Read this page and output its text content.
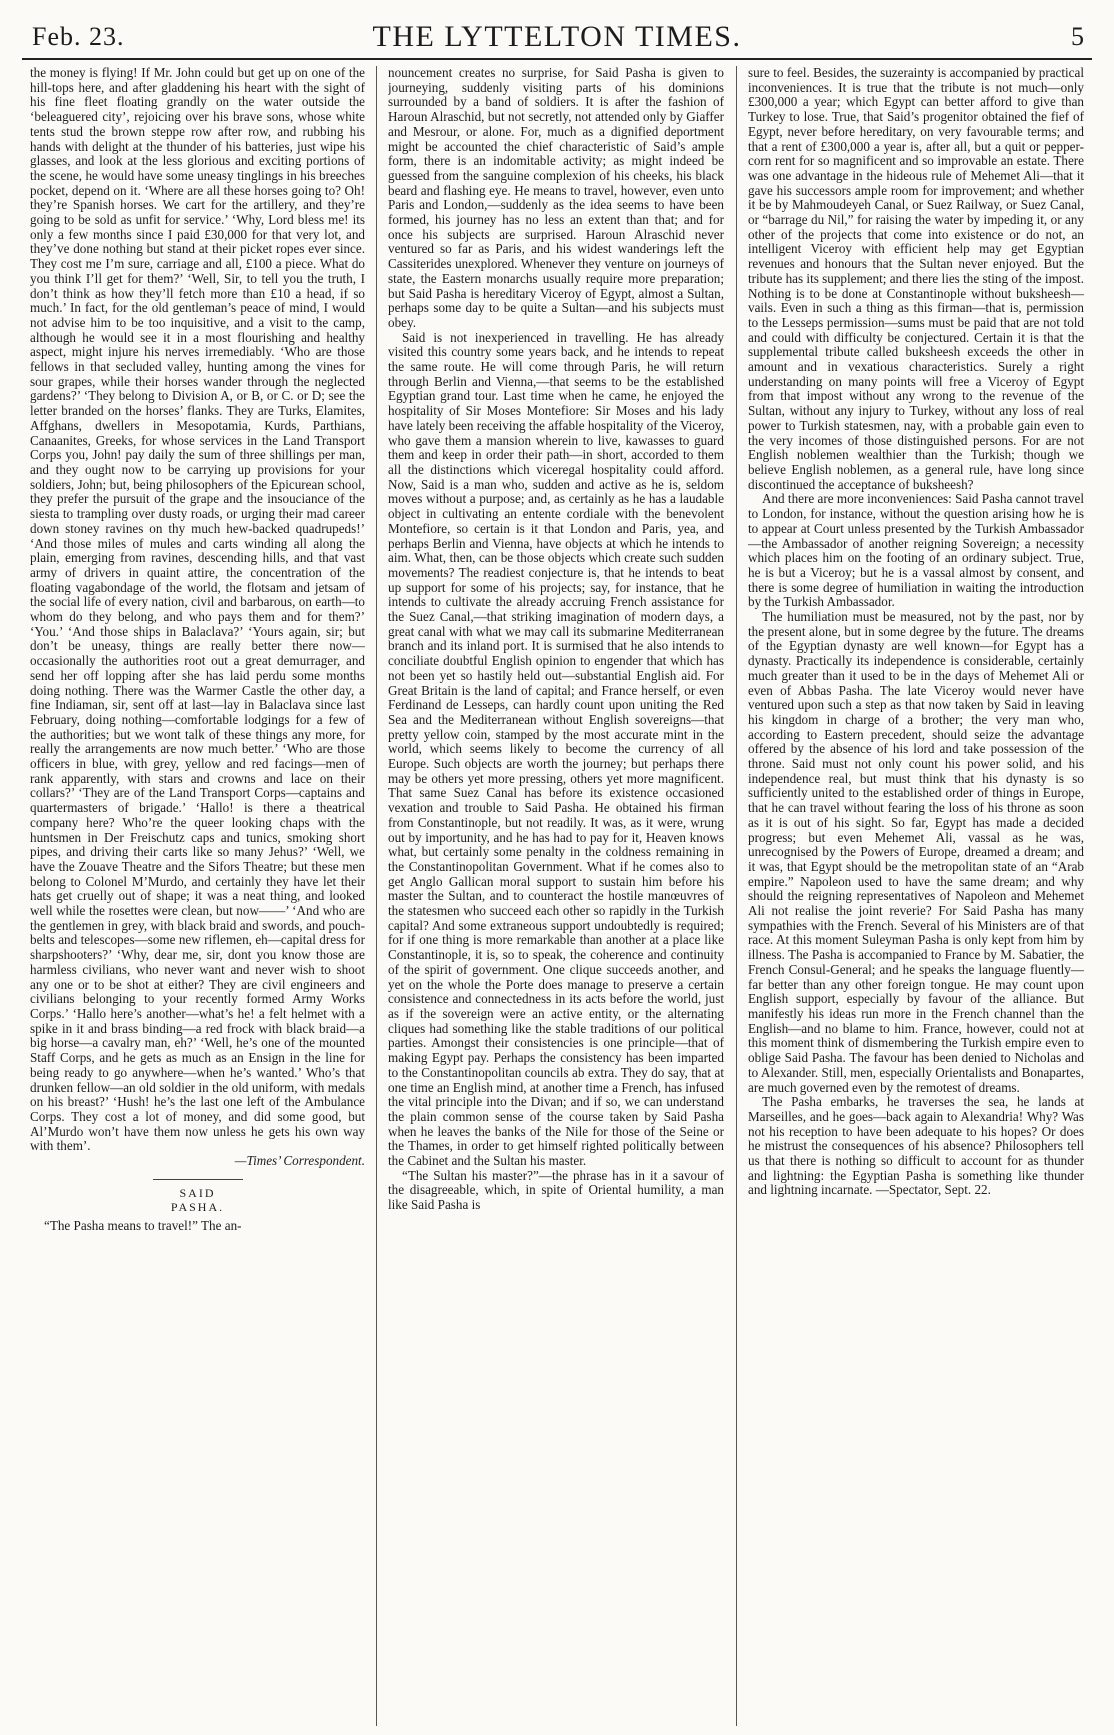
Feb. 23.	THE LYTTELTON TIMES.	5

the money is flying! If Mr. John could but get up on one of the hill-tops here, and after gladdening his heart with the sight of his fine fleet floating grandly on the water outside the ‘beleaguered city’, rejoicing over his brave sons, whose white tents stud the brown steppe row after row, and rubbing his hands with delight at the thunder of his batteries, just wipe his glasses, and look at the less glorious and exciting portions of the scene, he would have some uneasy tinglings in his breeches pocket, depend on it. ‘Where are all these horses going to? Oh! they’re Spanish horses. We cart for the artillery, and they’re going to be sold as unfit for service.’ ‘Why, Lord bless me! its only a few months since I paid £30,000 for that very lot, and they’ve done nothing but stand at their picket ropes ever since. They cost me I’m sure, carriage and all, £100 a piece. What do you think I’ll get for them?’ ‘Well, Sir, to tell you the truth, I don’t think as how they’ll fetch more than £10 a head, if so much.’ In fact, for the old gentleman’s peace of mind, I would not advise him to be too inquisitive, and a visit to the camp, although he would see it in a most flourishing and healthy aspect, might injure his nerves irremediably. ‘Who are those fellows in that secluded valley, hunting among the vines for sour grapes, while their horses wander through the neglected gardens?’ ‘They belong to Division A, or B, or C. or D; see the letter branded on the horses’ flanks. They are Turks, Elamites, Affghans, dwellers in Mesopotamia, Kurds, Parthians, Canaanites, Greeks, for whose services in the Land Transport Corps you, John! pay daily the sum of three shillings per man, and they ought now to be carrying up provisions for your soldiers, John; but, being philosophers of the Epicurean school, they prefer the pursuit of the grape and the insouciance of the siesta to trampling over dusty roads, or urging their mad career down stoney ravines on thy much hew-backed quadrupeds!’ ‘And those miles of mules and carts winding all along the plain, emerging from ravines, descending hills, and that vast army of drivers in quaint attire, the concentration of the floating vagabondage of the world, the flotsam and jetsam of the social life of every nation, civil and barbarous, on earth—to whom do they belong, and who pays them and for them?’ ‘You.’ ‘And those ships in Balaclava?’ ‘Yours again, sir; but don’t be uneasy, things are really better there now—occasionally the authorities root out a great demurrager, and send her off lopping after she has laid perdu some months doing nothing. There was the Warmer Castle the other day, a fine Indiaman, sir, sent off at last—lay in Balaclava since last February, doing nothing—comfortable lodgings for a few of the authorities; but we wont talk of these things any more, for really the arrangements are now much better.’ ‘Who are those officers in blue, with grey, yellow and red facings—men of rank apparently, with stars and crowns and lace on their collars?’ ‘They are of the Land Transport Corps—captains and quartermasters of brigade.’ ‘Hallo! is there a theatrical company here? Who’re the queer looking chaps with the huntsmen in Der Freischutz caps and tunics, smoking short pipes, and driving their carts like so many Jehus?’ ‘Well, we have the Zouave Theatre and the Sifors Theatre; but these men belong to Colonel M’Murdo, and certainly they have let their hats get cruelly out of shape; it was a neat thing, and looked well while the rosettes were clean, but now——’ ‘And who are the gentlemen in grey, with black braid and swords, and pouch-belts and telescopes—some new riflemen, eh—capital dress for sharpshooters?’ ‘Why, dear me, sir, dont you know those are harmless civilians, who never want and never wish to shoot any one or to be shot at either? They are civil engineers and civilians belonging to your recently formed Army Works Corps.’ ‘Hallo here’s another—what’s he! a felt helmet with a spike in it and brass binding—a red frock with black braid—a big horse—a cavalry man, eh?’ ‘Well, he’s one of the mounted Staff Corps, and he gets as much as an Ensign in the line for being ready to go anywhere—when he’s wanted.’ Who’s that drunken fellow—an old soldier in the old uniform, with medals on his breast?’ ‘Hush! he’s the last one left of the Ambulance Corps. They cost a lot of money, and did some good, but Al’Murdo won’t have them now unless he gets his own way with them’.

—Times’ Correspondent.

SAID PASHA.

“The Pasha means to travel!” The an-

nouncement creates no surprise, for Said Pasha is given to journeying, suddenly visiting parts of his dominions surrounded by a band of soldiers. It is after the fashion of Haroun Alraschid, but not secretly, not attended only by Giaffer and Mesrour, or alone. For, much as a dignified deportment might be accounted the chief characteristic of Said’s ample form, there is an indomitable activity; as might indeed be guessed from the sanguine complexion of his cheeks, his black beard and flashing eye. He means to travel, however, even unto Paris and London,—suddenly as the idea seems to have been formed, his journey has no less an extent than that; and for once his subjects are surprised. Haroun Alraschid never ventured so far as Paris, and his widest wanderings left the Cassiterides unexplored. Whenever they venture on journeys of state, the Eastern monarchs usually require more preparation; but Said Pasha is hereditary Viceroy of Egypt, almost a Sultan, perhaps some day to be quite a Sultan—and his subjects must obey.

Said is not inexperienced in travelling. He has already visited this country some years back, and he intends to repeat the same route. He will come through Paris, he will return through Berlin and Vienna,—that seems to be the established Egyptian grand tour. Last time when he came, he enjoyed the hospitality of Sir Moses Montefiore: Sir Moses and his lady have lately been receiving the affable hospitality of the Viceroy, who gave them a mansion wherein to live, kawasses to guard them and keep in order their path—in short, accorded to them all the distinctions which viceregal hospitality could afford. Now, Said is a man who, sudden and active as he is, seldom moves without a purpose; and, as certainly as he has a laudable object in cultivating an entente cordiale with the benevolent Montefiore, so certain is it that London and Paris, yea, and perhaps Berlin and Vienna, have objects at which he intends to aim. What, then, can be those objects which create such sudden movements? The readiest conjecture is, that he intends to beat up support for some of his projects; say, for instance, that he intends to cultivate the already accruing French assistance for the Suez Canal,—that striking imagination of modern days, a great canal with what we may call its submarine Mediterranean branch and its inland port. It is surmised that he also intends to conciliate doubtful English opinion to engender that which has not been yet so hastily held out—substantial English aid. For Great Britain is the land of capital; and France herself, or even Ferdinand de Lesseps, can hardly count upon uniting the Red Sea and the Mediterranean without English sovereigns—that pretty yellow coin, stamped by the most accurate mint in the world, which seems likely to become the currency of all Europe. Such objects are worth the journey; but perhaps there may be others yet more pressing, others yet more magnificent. That same Suez Canal has before its existence occasioned vexation and trouble to Said Pasha. He obtained his firman from Constantinople, but not readily. It was, as it were, wrung out by importunity, and he has had to pay for it, Heaven knows what, but certainly some penalty in the coldness remaining in the Constantinopolitan Government. What if he comes also to get Anglo Gallican moral support to sustain him before his master the Sultan, and to counteract the hostile manœuvres of the statesmen who succeed each other so rapidly in the Turkish capital? And some extraneous support undoubtedly is required; for if one thing is more remarkable than another at a place like Constantinople, it is, so to speak, the coherence and continuity of the spirit of government. One clique succeeds another, and yet on the whole the Porte does manage to preserve a certain consistence and connectedness in its acts before the world, just as if the sovereign were an active entity, or the alternating cliques had something like the stable traditions of our political parties. Amongst their consistencies is one principle—that of making Egypt pay. Perhaps the consistency has been imparted to the Constantinopolitan councils ab extra. They do say, that at one time an English mind, at another time a French, has infused the vital principle into the Divan; and if so, we can understand the plain common sense of the course taken by Said Pasha when he leaves the banks of the Nile for those of the Seine or the Thames, in order to get himself righted politically between the Cabinet and the Sultan his master.

“The Sultan his master?”—the phrase has in it a savour of the disagreeable, which, in spite of Oriental humility, a man like Said Pasha is

sure to feel. Besides, the suzerainty is accompanied by practical inconveniences. It is true that the tribute is not much—only £300,000 a year; which Egypt can better afford to give than Turkey to lose. True, that Said’s progenitor obtained the fief of Egypt, never before hereditary, on very favourable terms; and that a rent of £300,000 a year is, after all, but a quit or pepper-corn rent for so magnificent and so improvable an estate. There was one advantage in the hideous rule of Mehemet Ali—that it gave his successors ample room for improvement; and whether it be by Mahmoudeyeh Canal, or Suez Railway, or Suez Canal, or “barrage du Nil,” for raising the water by impeding it, or any other of the projects that come into existence or do not, an intelligent Viceroy with efficient help may get Egyptian revenues and honours that the Sultan never enjoyed. But the tribute has its supplement; and there lies the sting of the impost. Nothing is to be done at Constantinople without buksheesh—vails. Even in such a thing as this firman—that is, permission to the Lesseps permission—sums must be paid that are not told and could with difficulty be conjectured. Certain it is that the supplemental tribute called buksheesh exceeds the other in amount and in vexatious characteristics. Surely a right understanding on many points will free a Viceroy of Egypt from that impost without any wrong to the revenue of the Sultan, without any injury to Turkey, without any loss of real power to Turkish statesmen, nay, with a probable gain even to the very incomes of those distinguished persons. For are not English noblemen wealthier than the Turkish; though we believe English noblemen, as a general rule, have long since discontinued the acceptance of buksheesh?

And there are more inconveniences: Said Pasha cannot travel to London, for instance, without the question arising how he is to appear at Court unless presented by the Turkish Ambassador—the Ambassador of another reigning Sovereign; a necessity which places him on the footing of an ordinary subject. True, he is but a Viceroy; but he is a vassal almost by consent, and there is some degree of humiliation in waiting the introduction by the Turkish Ambassador.

The humiliation must be measured, not by the past, nor by the present alone, but in some degree by the future. The dreams of the Egyptian dynasty are well known—for Egypt has a dynasty. Practically its independence is considerable, certainly much greater than it used to be in the days of Mehemet Ali or even of Abbas Pasha. The late Viceroy would never have ventured upon such a step as that now taken by Said in leaving his kingdom in charge of a brother; the very man who, according to Eastern precedent, should seize the advantage offered by the absence of his lord and take possession of the throne. Said must not only count his power solid, and his independence real, but must think that his dynasty is so sufficiently united to the established order of things in Europe, that he can travel without fearing the loss of his throne as soon as it is out of his sight. So far, Egypt has made a decided progress; but even Mehemet Ali, vassal as he was, unrecognised by the Powers of Europe, dreamed a dream; and it was, that Egypt should be the metropolitan state of an “Arab empire.” Napoleon used to have the same dream; and why should the reigning representatives of Napoleon and Mehemet Ali not realise the joint reverie? For Said Pasha has many sympathies with the French. Several of his Ministers are of that race. At this moment Suleyman Pasha is only kept from him by illness. The Pasha is accompanied to France by M. Sabatier, the French Consul-General; and he speaks the language fluently—far better than any other foreign tongue. He may count upon English support, especially by favour of the alliance. But manifestly his ideas run more in the French channel than the English—and no blame to him. France, however, could not at this moment think of dismembering the Turkish empire even to oblige Said Pasha. The favour has been denied to Nicholas and to Alexander. Still, men, especially Orientalists and Bonapartes, are much governed even by the remotest of dreams.

The Pasha embarks, he traverses the sea, he lands at Marseilles, and he goes—back again to Alexandria! Why? Was not his reception to have been adequate to his hopes? Or does he mistrust the consequences of his absence? Philosophers tell us that there is nothing so difficult to account for as thunder and lightning: the Egyptian Pasha is something like thunder and lightning incarnate. —Spectator, Sept. 22.
